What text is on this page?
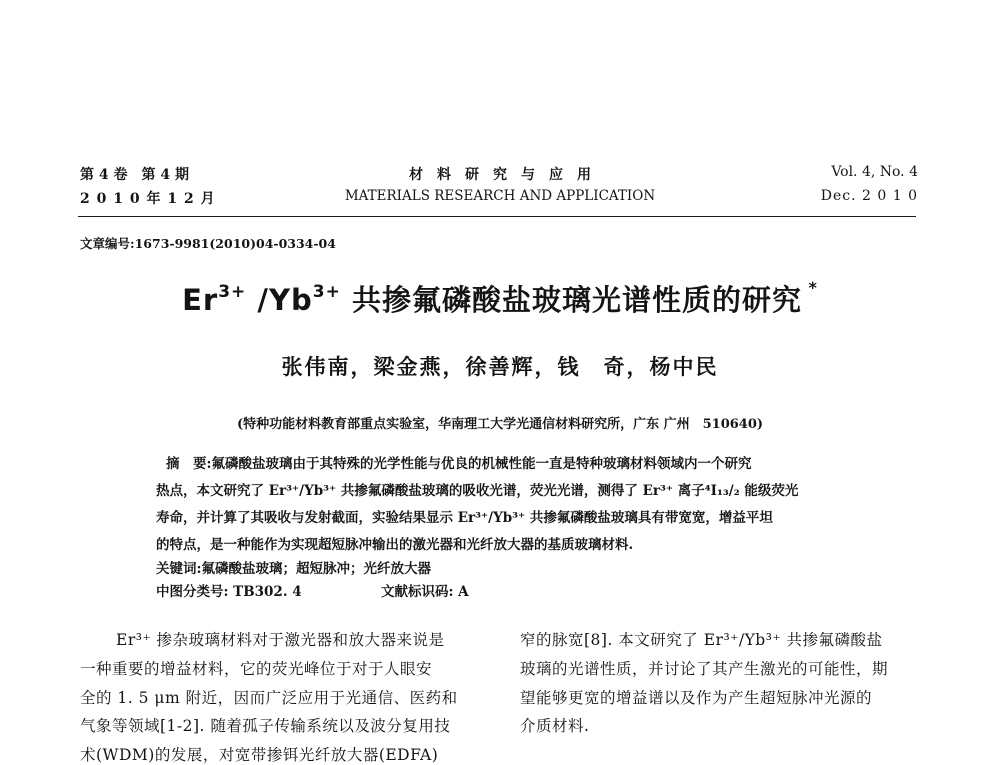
第 4 卷　第 4 期
2 0 1 0 年 1 2 月
材　料　研　究　与　应　用
MATERIALS RESEARCH AND APPLICATION
Vol. 4, No. 4
Dec. 2 0 1 0
文章编号:1673-9981(2010)04-0334-04
$Er^{3+}$ $/Yb^{3+}$ 共掺氟磷酸盐玻璃光谱性质的研究 *
张伟南，梁金燕，徐善辉，钱　奇，杨中民
(特种功能材料教育部重点实验室，华南理工大学光通信材料研究所，广东 广州　510640)
摘　要:氟磷酸盐玻璃由于其特殊的光学性能与优良的机械性能一直是特种玻璃材料领域内一个研究
热点，本文研究了 Er³⁺/Yb³⁺ 共掺氟磷酸盐玻璃的吸收光谱，荧光光谱，测得了 Er³⁺ 离子⁴I₁₃/₂ 能级荧光
寿命，并计算了其吸收与发射截面，实验结果显示 Er³⁺/Yb³⁺ 共掺氟磷酸盐玻璃具有带宽宽，增益平坦
的特点，是一种能作为实现超短脉冲输出的激光器和光纤放大器的基质玻璃材料.
关键词:氟磷酸盐玻璃；超短脉冲；光纤放大器
中图分类号: TB302. 4	文献标识码: A
Er³⁺ 掺杂玻璃材料对于激光器和放大器来说是
一种重要的增益材料，它的荧光峰位于对于人眼安
全的 1. 5 μm 附近，因而广泛应用于光通信、医药和
气象等领域[1-2]. 随着孤子传输系统以及波分复用技
术(WDM)的发展，对宽带掺铒光纤放大器(EDFA)
窄的脉宽[8]. 本文研究了 Er³⁺/Yb³⁺ 共掺氟磷酸盐
玻璃的光谱性质，并讨论了其产生激光的可能性，期
望能够更宽的增益谱以及作为产生超短脉冲光源的
介质材料.
